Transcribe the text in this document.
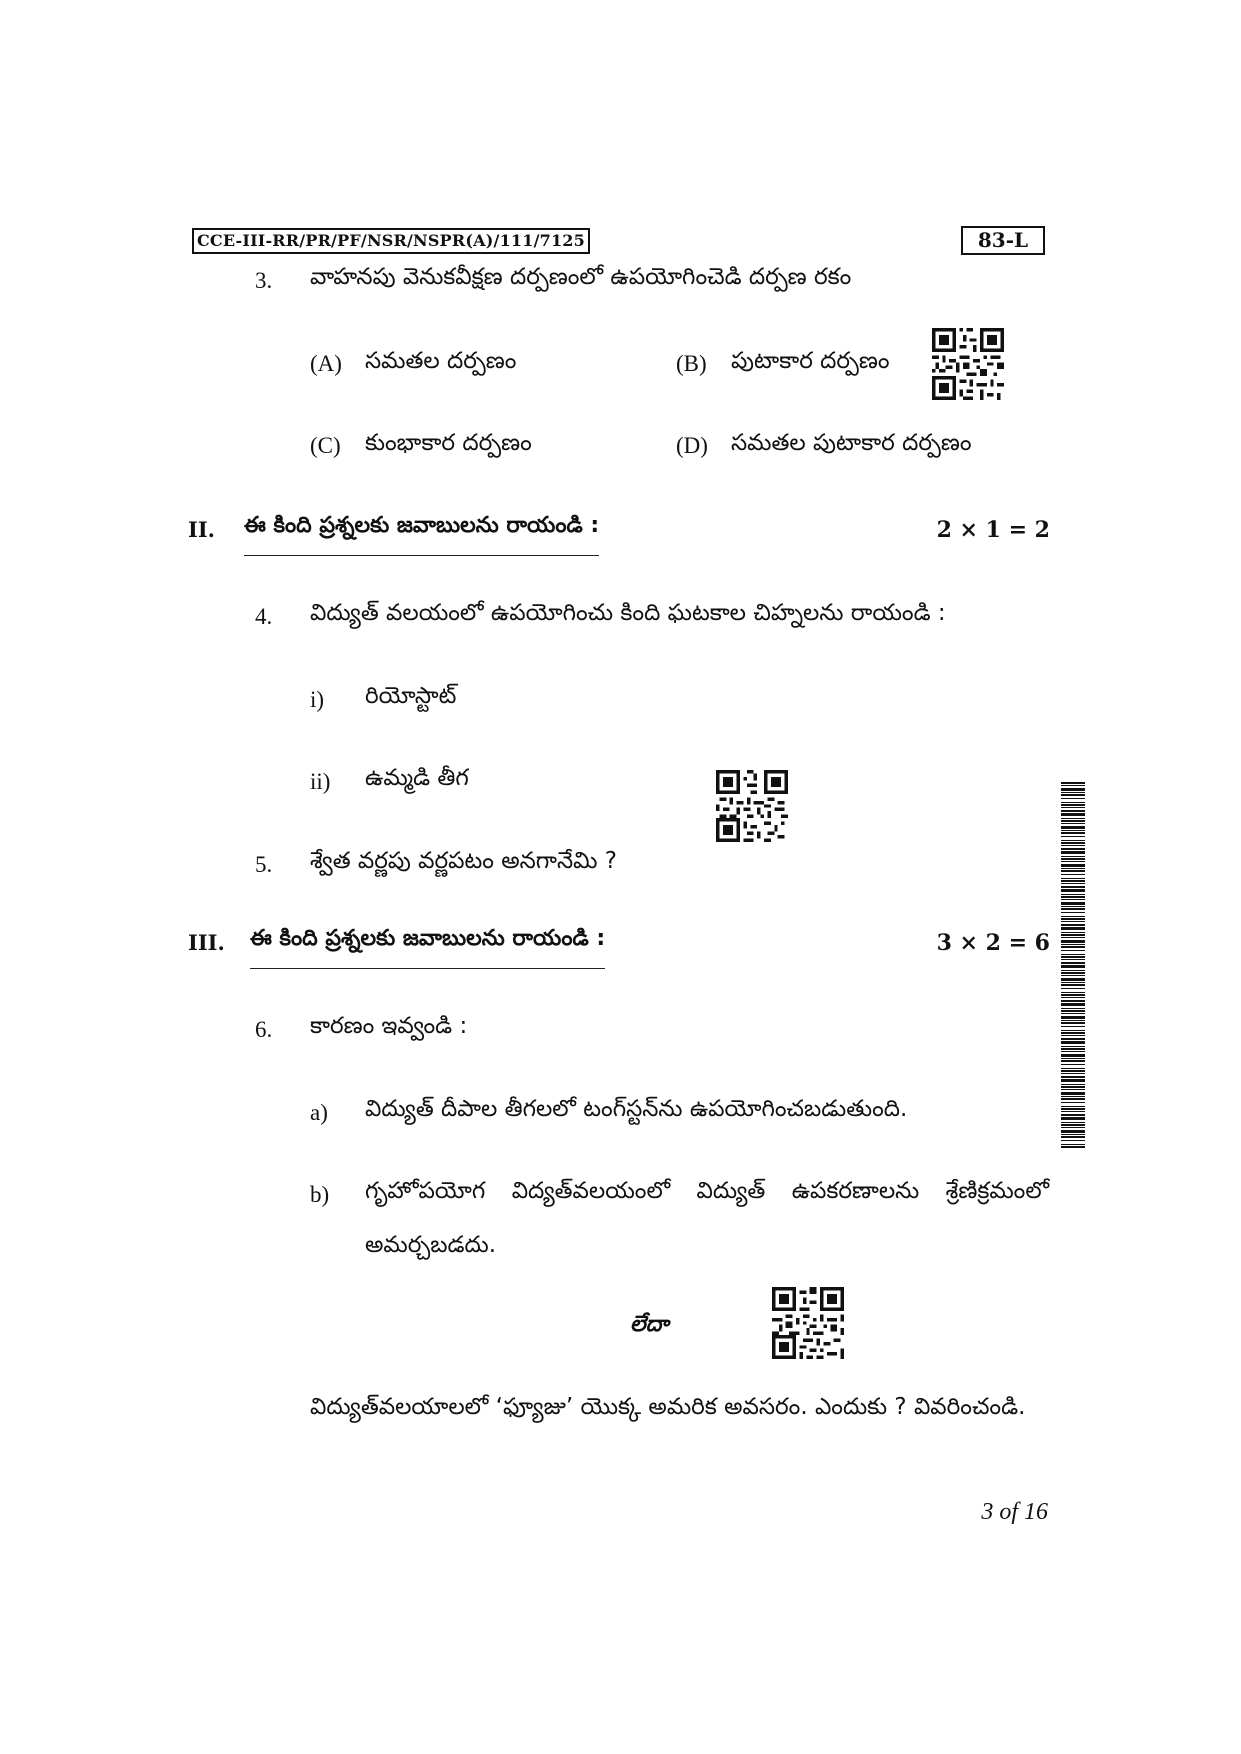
CCE-III-RR/PR/PF/NSR/NSPR(A)/111/7125	83-L
3. వాహనపు వెనుకవీక్షణ దర్పణంలో ఉపయోగించెడి దర్పణ రకం
(A) సమతల దర్పణం	(B) పుటాకార దర్పణం
(C) కుంభాకార దర్పణం	(D) సమతల పుటాకార దర్పణం
II. ఈ కింది ప్రశ్నలకు జవాబులను రాయండి :	2 × 1 = 2
4. విద్యుత్ వలయంలో ఉపయోగించు కింది ఘటకాల చిహ్నలను రాయండి :
i) రియోస్టాట్
ii) ఉమ్మడి తీగ
5. శ్వేత వర్ణపు వర్ణపటం అనగానేమి ?
III. ఈ కింది ప్రశ్నలకు జవాబులను రాయండి :	3 × 2 = 6
6. కారణం ఇవ్వండి :
a) విద్యుత్ దీపాల తీగలలో టంగ్‌స్టన్‌ను ఉపయోగించబడుతుంది.
b) గృహోపయోగ విద్యత్‌వలయంలో విద్యుత్ ఉపకరణాలను శ్రేణిక్రమంలో
అమర్చబడదు.
లేదా
విద్యుత్‌వలయాలలో ‘ఫ్యూజు’ యొక్క అమరిక అవసరం. ఎందుకు ? వివరించండి.
3 of 16
